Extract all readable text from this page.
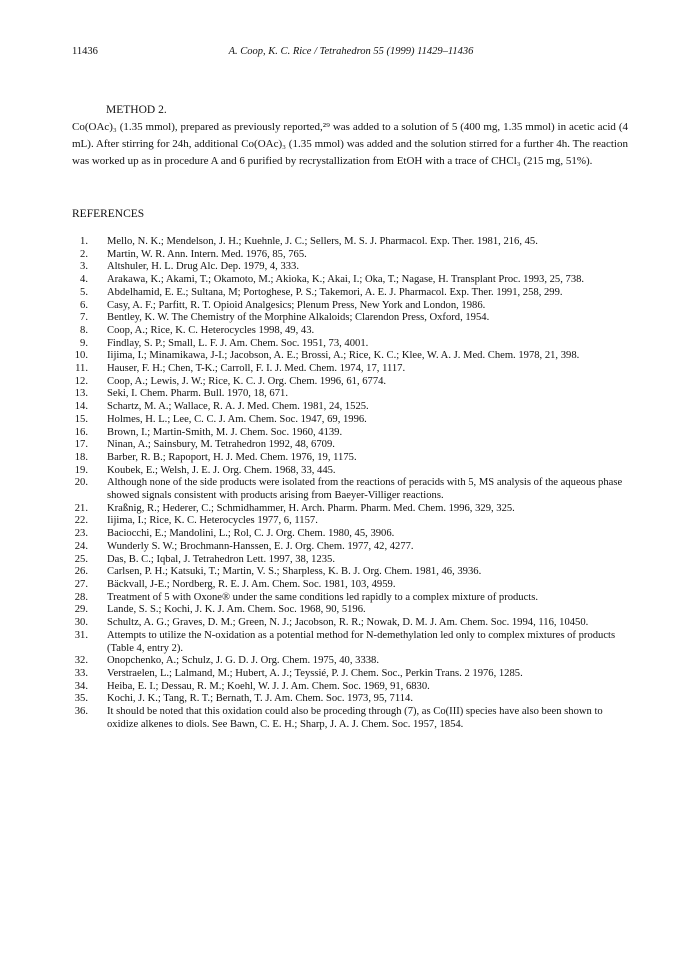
11436	A. Coop, K. C. Rice / Tetrahedron 55 (1999) 11429–11436
METHOD 2.
Co(OAc)₃ (1.35 mmol), prepared as previously reported,²⁹ was added to a solution of 5 (400 mg, 1.35 mmol) in acetic acid (4 mL). After stirring for 24h, additional Co(OAc)₃ (1.35 mmol) was added and the solution stirred for a further 4h. The reaction was worked up as in procedure A and 6 purified by recrystallization from EtOH with a trace of CHCl₃ (215 mg, 51%).
REFERENCES
1. Mello, N. K.; Mendelson, J. H.; Kuehnle, J. C.; Sellers, M. S. J. Pharmacol. Exp. Ther. 1981, 216, 45.
2. Martin, W. R. Ann. Intern. Med. 1976, 85, 765.
3. Altshuler, H. L. Drug Alc. Dep. 1979, 4, 333.
4. Arakawa, K.; Akami, T.; Okamoto, M.; Akioka, K.; Akai, I.; Oka, T.; Nagase, H. Transplant Proc. 1993, 25, 738.
5. Abdelhamid, E. E.; Sultana, M; Portoghese, P. S.; Takemori, A. E. J. Pharmacol. Exp. Ther. 1991, 258, 299.
6. Casy, A. F.; Parfitt, R. T. Opioid Analgesics; Plenum Press, New York and London, 1986.
7. Bentley, K. W. The Chemistry of the Morphine Alkaloids; Clarendon Press, Oxford, 1954.
8. Coop, A.; Rice, K. C. Heterocycles 1998, 49, 43.
9. Findlay, S. P.; Small, L. F. J. Am. Chem. Soc. 1951, 73, 4001.
10. Iijima, I.; Minamikawa, J-I.; Jacobson, A. E.; Brossi, A.; Rice, K. C.; Klee, W. A. J. Med. Chem. 1978, 21, 398.
11. Hauser, F. H.; Chen, T-K.; Carroll, F. I. J. Med. Chem. 1974, 17, 1117.
12. Coop, A.; Lewis, J. W.; Rice, K. C. J. Org. Chem. 1996, 61, 6774.
13. Seki, I. Chem. Pharm. Bull. 1970, 18, 671.
14. Schartz, M. A.; Wallace, R. A. J. Med. Chem. 1981, 24, 1525.
15. Holmes, H. L.; Lee, C. C. J. Am. Chem. Soc. 1947, 69, 1996.
16. Brown, I.; Martin-Smith, M. J. Chem. Soc. 1960, 4139.
17. Ninan, A.; Sainsbury, M. Tetrahedron 1992, 48, 6709.
18. Barber, R. B.; Rapoport, H. J. Med. Chem. 1976, 19, 1175.
19. Koubek, E.; Welsh, J. E. J. Org. Chem. 1968, 33, 445.
20. Although none of the side products were isolated from the reactions of peracids with 5, MS analysis of the aqueous phase showed signals consistent with products arising from Baeyer-Villiger reactions.
21. Kraßnig, R.; Hederer, C.; Schmidhammer, H. Arch. Pharm. Pharm. Med. Chem. 1996, 329, 325.
22. Iijima, I.; Rice, K. C. Heterocycles 1977, 6, 1157.
23. Baciocchi, E.; Mandolini, L.; Rol, C. J. Org. Chem. 1980, 45, 3906.
24. Wunderly S. W.; Brochmann-Hanssen, E. J. Org. Chem. 1977, 42, 4277.
25. Das, B. C.; Iqbal, J. Tetrahedron Lett. 1997, 38, 1235.
26. Carlsen, P. H.; Katsuki, T.; Martin, V. S.; Sharpless, K. B. J. Org. Chem. 1981, 46, 3936.
27. Bäckvall, J-E.; Nordberg, R. E. J. Am. Chem. Soc. 1981, 103, 4959.
28. Treatment of 5 with Oxone® under the same conditions led rapidly to a complex mixture of products.
29. Lande, S. S.; Kochi, J. K. J. Am. Chem. Soc. 1968, 90, 5196.
30. Schultz, A. G.; Graves, D. M.; Green, N. J.; Jacobson, R. R.; Nowak, D. M. J. Am. Chem. Soc. 1994, 116, 10450.
31. Attempts to utilize the N-oxidation as a potential method for N-demethylation led only to complex mixtures of products (Table 4, entry 2).
32. Onopchenko, A.; Schulz, J. G. D. J. Org. Chem. 1975, 40, 3338.
33. Verstraelen, L.; Lalmand, M.; Hubert, A. J.; Teyssié, P. J. Chem. Soc., Perkin Trans. 2 1976, 1285.
34. Heiba, E. I.; Dessau, R. M.; Koehl, W. J. J. Am. Chem. Soc. 1969, 91, 6830.
35. Kochi, J. K.; Tang, R. T.; Bernath, T. J. Am. Chem. Soc. 1973, 95, 7114.
36. It should be noted that this oxidation could also be proceding through (7), as Co(III) species have also been shown to oxidize alkenes to diols. See Bawn, C. E. H.; Sharp, J. A. J. Chem. Soc. 1957, 1854.
